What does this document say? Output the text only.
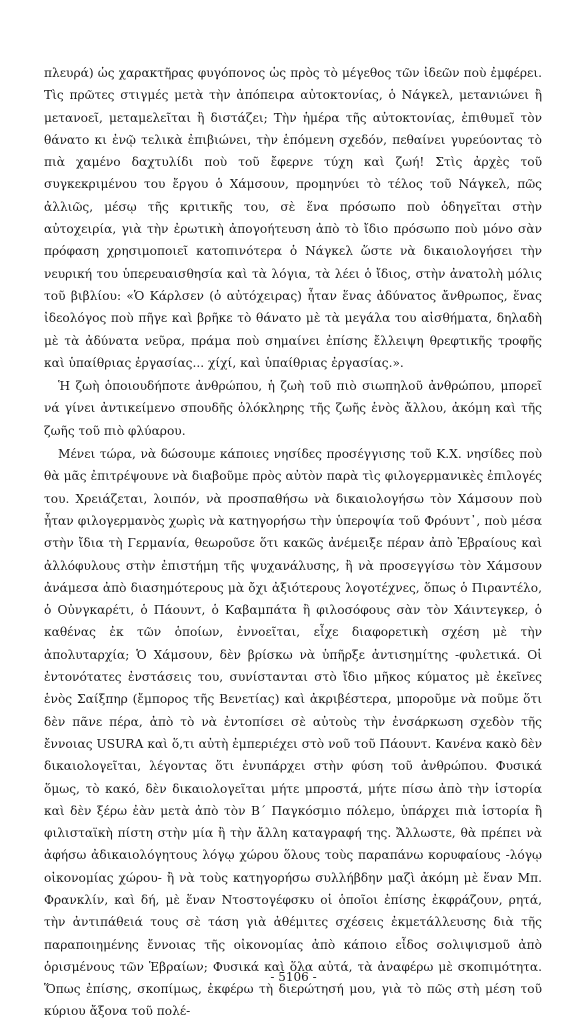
πλευρά) ὡς χαρακτῆρας φυγόπονος ὡς πρὸς τὸ μέγεθος τῶν ἰδεῶν ποὺ ἐμφέρει. Τὶς πρῶτες στιγμές μετὰ τὴν ἀπόπειρα αὐτοκτονίας, ὁ Νάγκελ, μετανιώνει ἢ μετανοεῖ, μεταμελεῖται ἢ διστάζει; Τὴν ἡμέρα τῆς αὐτοκτονίας, ἐπιθυμεῖ τὸν θάνατο κι ἐνῷ τελικὰ ἐπιβιώνει, τὴν ἑπόμενη σχεδόν, πεθαίνει γυρεύοντας τὸ πιὰ χαμένο δαχτυλίδι ποὺ τοῦ ἔφερνε τύχη καὶ ζωή! Στὶς ἀρχὲς τοῦ συγκεκριμένου του ἔργου ὁ Χάμσουν, προμηνύει τὸ τέλος τοῦ Νάγκελ, πῶς ἀλλιῶς, μέσῳ τῆς κριτικῆς του, σὲ ἕνα πρόσωπο ποὺ ὁδηγεῖται στὴν αὐτοχειρία, γιὰ τὴν ἐρωτικὴ ἀπογοήτευση ἀπὸ τὸ ἴδιο πρόσωπο ποὺ μόνο σὰν πρόφαση χρησιμοποιεῖ κατοπινότερα ὁ Νάγκελ ὥστε νὰ δικαιολογήσει τὴν νευρική του ὑπερευαισθησία καὶ τὰ λόγια, τὰ λέει ὁ ἴδιος, στὴν ἀνατολὴ μόλις τοῦ βιβλίου: «Ὁ Κάρλσεν (ὁ αὐτόχειρας) ἦταν ἕνας ἀδύνατος ἄνθρωπος, ἕνας ἰδεολόγος ποὺ πῆγε καὶ βρῆκε τὸ θάνατο μὲ τὰ μεγάλα του αἰσθήματα, δηλαδὴ μὲ τὰ ἀδύνατα νεῦρα, πράμα ποὺ σημαίνει ἐπίσης ἔλλειψη θρεφτικῆς τροφῆς καὶ ὑπαίθριας ἐργασίας... χίχί, καὶ ὑπαίθριας ἐργασίας.».

Ἡ ζωὴ ὁποιουδήποτε ἀνθρώπου, ἡ ζωὴ τοῦ πιὸ σιωπηλοῦ ἀνθρώπου, μπορεῖ νά γίνει ἀντικείμενο σπουδῆς ὁλόκληρης τῆς ζωῆς ἑνὸς ἄλλου, ἀκόμη καὶ τῆς ζωῆς τοῦ πιὸ φλύαρου.

Μένει τώρα, νὰ δώσουμε κάποιες νησίδες προσέγγισης τοῦ Κ.Χ. νησίδες ποὺ θὰ μᾶς ἐπιτρέψουνε νὰ διαβοῦμε πρὸς αὐτὸν παρὰ τὶς φιλογερμανικὲς ἐπιλογές του. Χρειάζεται, λοιπόν, νὰ προσπαθήσω νὰ δικαιολογήσω τὸν Χάμσουν ποὺ ἦταν φιλογερμανὸς χωρὶς νὰ κατηγορήσω τὴν ὑπεροψία τοῦ Φρόυντ᾽, ποὺ μέσα στὴν ἴδια τὴ Γερμανία, θεωροῦσε ὅτι κακῶς ἀνέμειξε πέραν ἀπὸ Ἑβραίους καὶ ἀλλόφυλους στὴν ἐπιστήμη τῆς ψυχανάλυσης, ἢ νὰ προσεγγίσω τὸν Χάμσουν ἀνάμεσα ἀπὸ διασημότερους μὰ ὄχι ἀξιότερους λογοτέχνες, ὅπως ὁ Πιραντέλο, ὁ Οὐνγκαρέτι, ὁ Πάουντ, ὁ Καβαμπάτα ἢ φιλοσόφους σὰν τὸν Χάιντεγκερ, ὁ καθένας ἐκ τῶν ὁποίων, ἐννοεῖται, εἶχε διαφορετικὴ σχέση μὲ τὴν ἀπολυταρχία; Ὁ Χάμσουν, δὲν βρίσκω νὰ ὑπῆρξε ἀντισημίτης -φυλετικά. Οἱ ἐντονότατες ἐνστάσεις του, συνίστανται στὸ ἴδιο μῆκος κύματος μὲ ἐκεῖνες ἑνὸς Σαίξπηρ (ἔμπορος τῆς Βενετίας) καὶ ἀκριβέστερα, μποροῦμε νὰ ποῦμε ὅτι δὲν πᾶνε πέρα, ἀπὸ τὸ νὰ ἐντοπίσει σὲ αὐτοὺς τὴν ἐνσάρκωση σχεδὸν τῆς ἔννοιας USURA καὶ ὅ,τι αὐτὴ ἐμπεριέχει στὸ νοῦ τοῦ Πάουντ. Κανένα κακὸ δὲν δικαιολογεῖται, λέγοντας ὅτι ἐνυπάρχει στὴν φύση τοῦ ἀνθρώπου. Φυσικά ὅμως, τὸ κακό, δὲν δικαιολογεῖται μήτε μπροστά, μήτε πίσω ἀπὸ τὴν ἱστορία καὶ δὲν ξέρω ἐὰν μετὰ ἀπὸ τὸν Β´ Παγκόσμιο πόλεμο, ὑπάρχει πιὰ ἱστορία ἢ φιλισταϊκὴ πίστη στὴν μία ἢ τὴν ἄλλη καταγραφή της. Ἄλλωστε, θὰ πρέπει νὰ ἀφήσω ἀδικαιολόγητους λόγῳ χώρου ὅλους τοὺς παραπάνω κορυφαίους -λόγῳ οἰκονομίας χώρου- ἢ νὰ τοὺς κατηγορήσω συλλήβδην μαζὶ ἀκόμη μὲ ἕναν Μπ. Φρανκλίν, καὶ δή, μὲ ἕναν Ντοστογέφσκυ οἱ ὁποῖοι ἐπίσης ἐκφράζουν, ρητά, τὴν ἀντιπάθειά τους σὲ τάση γιὰ ἀθέμιτες σχέσεις ἐκμετάλλευσης διὰ τῆς παραποιημένης ἔννοιας τῆς οἰκονομίας ἀπὸ κάποιο εἶδος σολιψισμοῦ ἀπὸ ὁρισμένους τῶν Ἑβραίων; Φυσικά καὶ ὅλα αὐτά, τὰ ἀναφέρω μὲ σκοπιμότητα. Ὅπως ἐπίσης, σκοπίμως, ἐκφέρω τὴ διερώτησή μου, γιὰ τὸ πῶς στὴ μέση τοῦ κύριου ἄξονα τοῦ πολέ-

- 5106 -
